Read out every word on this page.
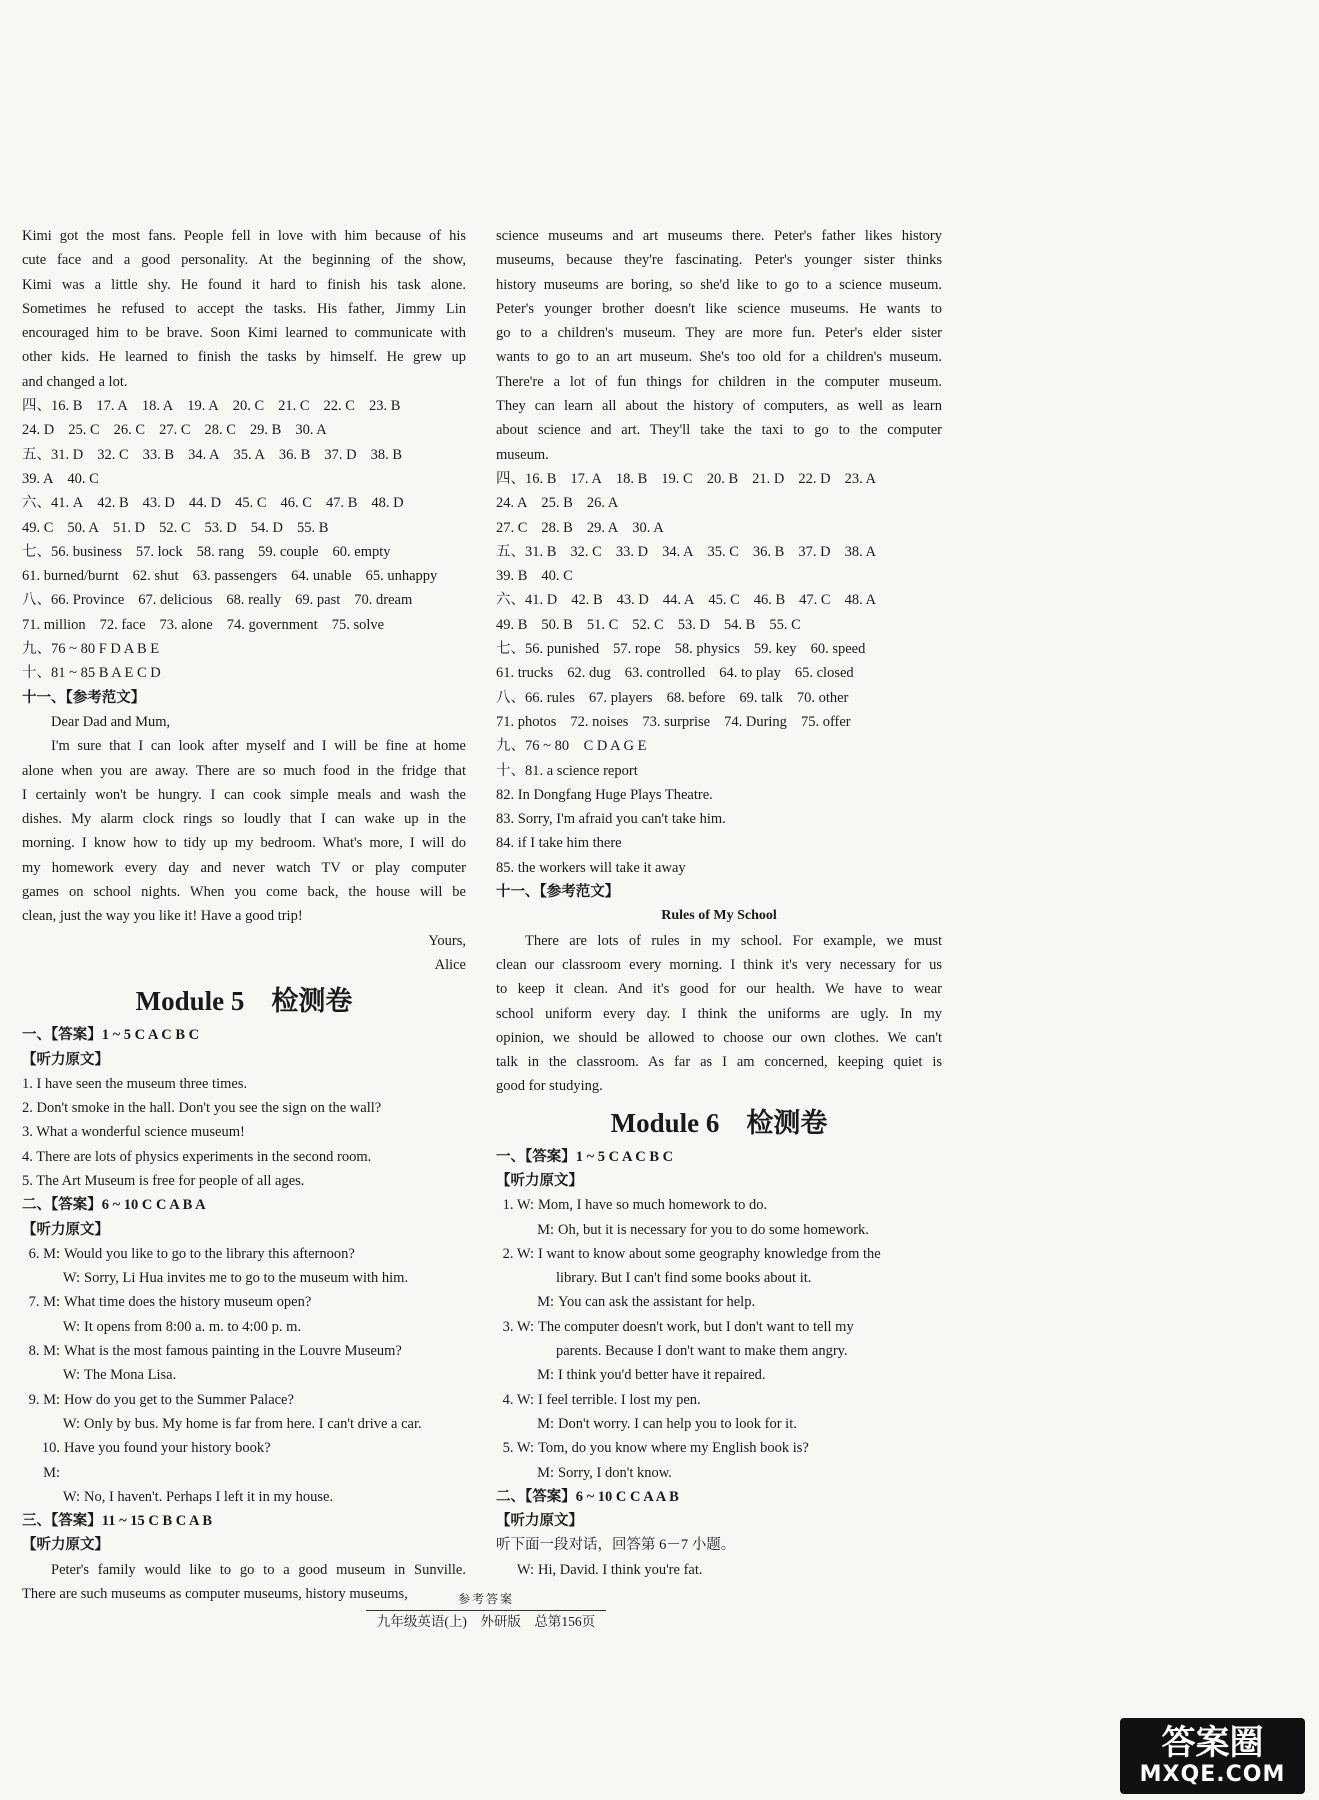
Kimi got the most fans. People fell in love with him because of his
cute face and a good personality. At the beginning of the show,
Kimi was a little shy. He found it hard to finish his task alone.
Sometimes he refused to accept the tasks. His father, Jimmy Lin
encouraged him to be brave. Soon Kimi learned to communicate with
other kids. He learned to finish the tasks by himself. He grew up
and changed a lot.
四、16. B 17. A 18. A 19. A 20. C 21. C 22. C 23. B
24. D 25. C 26. C 27. C 28. C 29. B 30. A
五、31. D 32. C 33. B 34. A 35. A 36. B 37. D 38. B
39. A 40. C
六、41. A 42. B 43. D 44. D 45. C 46. C 47. B 48. D
49. C 50. A 51. D 52. C 53. D 54. D 55. B
七、56. business 57. lock 58. rang 59. couple 60. empty
61. burned/burnt 62. shut 63. passengers 64. unable 65. unhappy
八、66. Province 67. delicious 68. really 69. past 70. dream
71. million 72. face 73. alone 74. government 75. solve
九、76 ~ 80 F D A B E
十、81 ~ 85 B A E C D
十一、【参考范文】
Dear Dad and Mum,
I'm sure that I can look after myself and I will be fine at home
alone when you are away. There are so much food in the fridge that
I certainly won't be hungry. I can cook simple meals and wash the
dishes. My alarm clock rings so loudly that I can wake up in the
morning. I know how to tidy up my bedroom. What's more, I will do
my homework every day and never watch TV or play computer
games on school nights. When you come back, the house will be
clean, just the way you like it! Have a good trip!
Yours,
Alice
Module 5　检测卷
一、【答案】1 ~ 5 C A C B C
【听力原文】
1. I have seen the museum three times.
2. Don't smoke in the hall. Don't you see the sign on the wall?
3. What a wonderful science museum!
4. There are lots of physics experiments in the second room.
5. The Art Museum is free for people of all ages.
二、【答案】6 ~ 10 C C A B A
【听力原文】
6. M: Would you like to go to the library this afternoon?
W: Sorry, Li Hua invites me to go to the museum with him.
7. M: What time does the history museum open?
W: It opens from 8:00 a. m. to 4:00 p. m.
8. M: What is the most famous painting in the Louvre Museum?
W: The Mona Lisa.
9. M: How do you get to the Summer Palace?
W: Only by bus. My home is far from here. I can't drive a car.
10. M:
Have you found your history book?
W: No, I haven't. Perhaps I left it in my house.
三、【答案】11 ~ 15 C B C A B
【听力原文】
Peter's family would like to go to a good museum in Sunville.
There are such museums as computer museums, history museums,
science museums and art museums there. Peter's father likes history
museums, because they're fascinating. Peter's younger sister thinks
history museums are boring, so she'd like to go to a science museum.
Peter's younger brother doesn't like science museums. He wants to
go to a children's museum. They are more fun. Peter's elder sister
wants to go to an art museum. She's too old for a children's museum.
There're a lot of fun things for children in the computer museum.
They can learn all about the history of computers, as well as learn
about science and art. They'll take the taxi to go to the computer
museum.
四、16. B 17. A 18. B 19. C 20. B 21. D 22. D 23. A
24. A 25. B 26. A
27. C 28. B 29. A 30. A
五、31. B 32. C 33. D 34. A 35. C 36. B 37. D 38. A
39. B 40. C
六、41. D 42. B 43. D 44. A 45. C 46. B 47. C 48. A
49. B 50. B 51. C 52. C 53. D 54. B 55. C
七、56. punished 57. rope 58. physics 59. key 60. speed
61. trucks 62. dug 63. controlled 64. to play 65. closed
八、66. rules 67. players 68. before 69. talk 70. other
71. photos 72. noises 73. surprise 74. During 75. offer
九、76 ~ 80　C D A G E
十、81. a science report
82. In Dongfang Huge Plays Theatre.
83. Sorry, I'm afraid you can't take him.
84. if I take him there
85. the workers will take it away
十一、【参考范文】
Rules of My School
There are lots of rules in my school. For example, we must
clean our classroom every morning. I think it's very necessary for us
to keep it clean. And it's good for our health. We have to wear
school uniform every day. I think the uniforms are ugly. In my
opinion, we should be allowed to choose our own clothes. We can't
talk in the classroom. As far as I am concerned, keeping quiet is
good for studying.
Module 6　检测卷
一、【答案】1 ~ 5 C A C B C
【听力原文】
1. W: Mom, I have so much homework to do.
M: Oh, but it is necessary for you to do some homework.
2. W: I want to know about some geography knowledge from the
library. But I can't find some books about it.
M: You can ask the assistant for help.
3. W: The computer doesn't work, but I don't want to tell my
parents. Because I don't want to make them angry.
M: I think you'd better have it repaired.
4. W: I feel terrible. I lost my pen.
M: Don't worry. I can help you to look for it.
5. W: Tom, do you know where my English book is?
M: Sorry, I don't know.
二、【答案】6 ~ 10 C C A A B
【听力原文】
听下面一段对话，回答第 6－7 小题。
W: Hi, David. I think you're fat.
参考答案
九年级英语(上)　外研版　总第156页
答案圈
MXQE.COM
